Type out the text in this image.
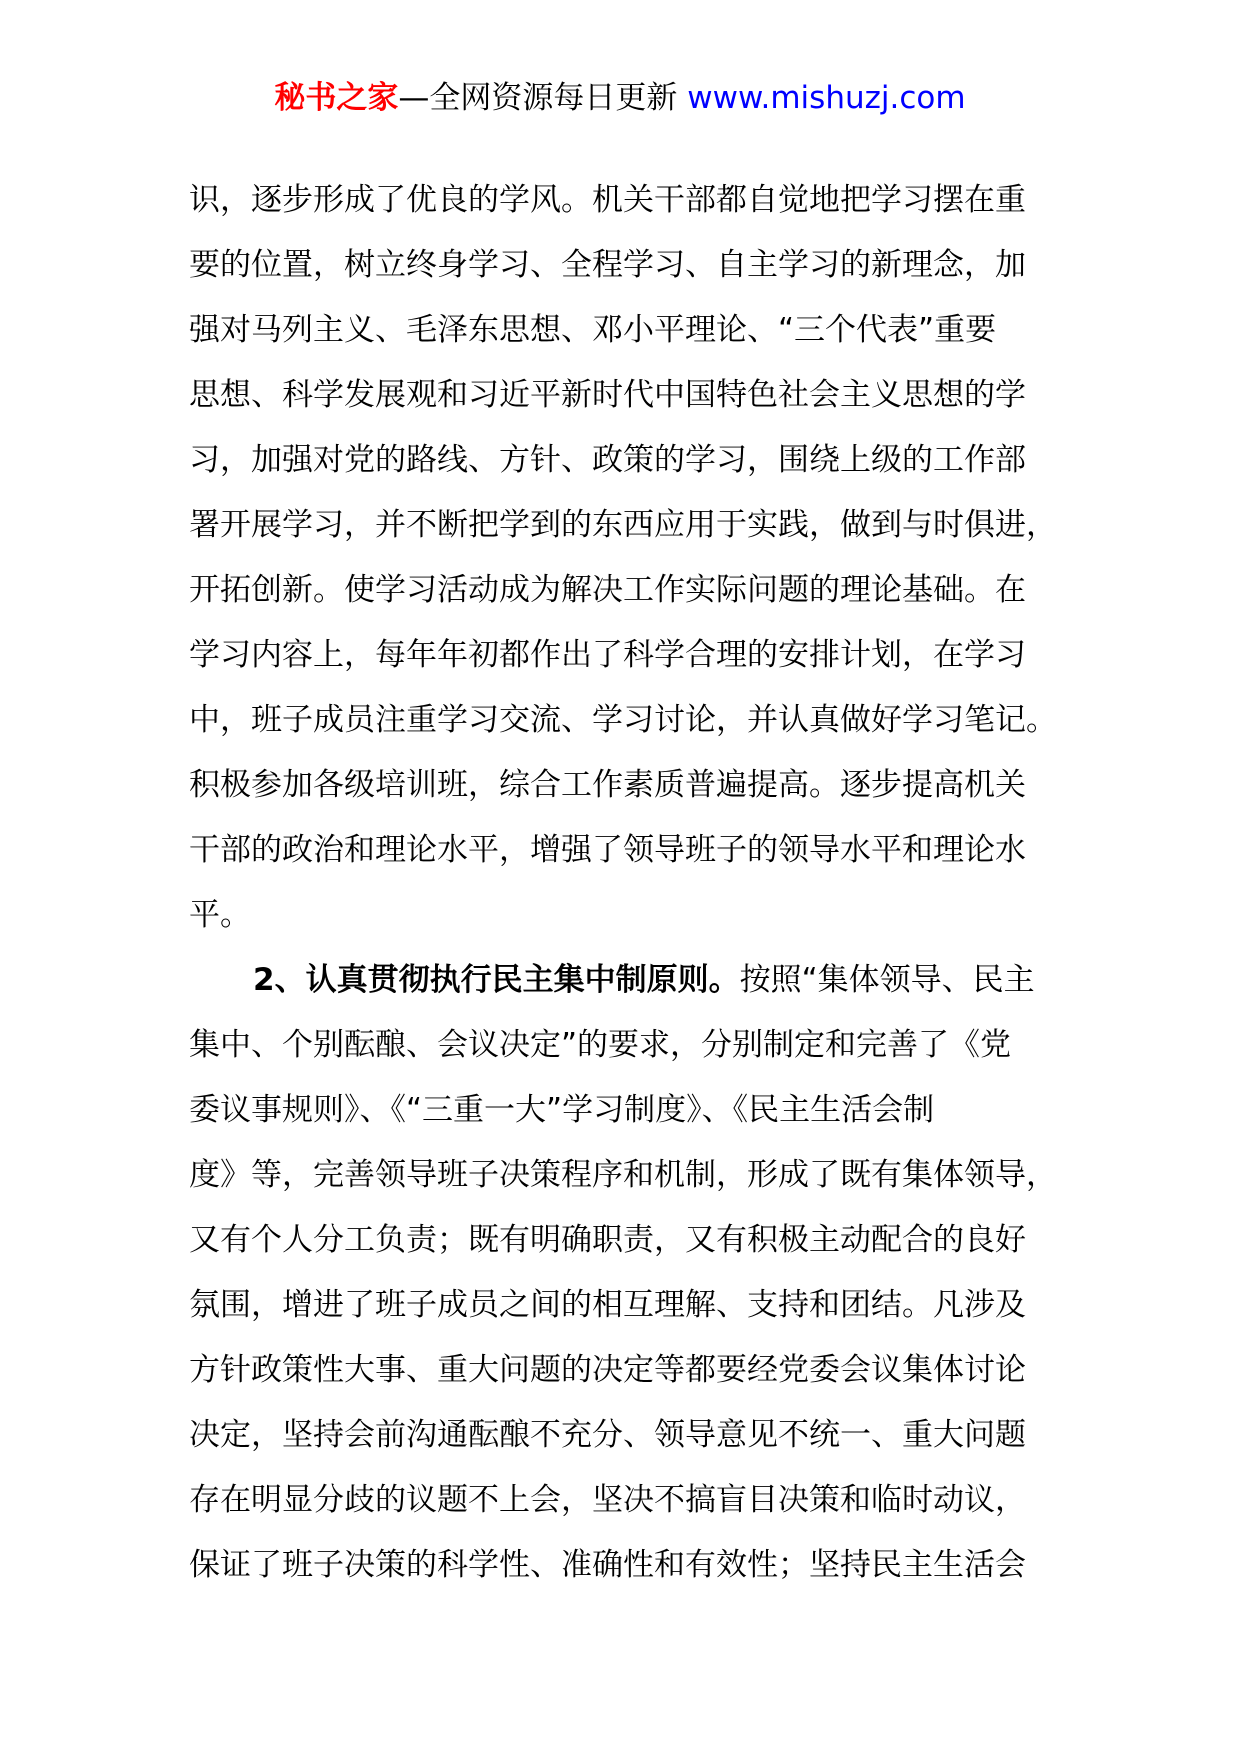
秘书之家—全网资源每日更新 www.mishuzj.com
识，逐步形成了优良的学风。机关干部都自觉地把学习摆在重
要的位置，树立终身学习、全程学习、自主学习的新理念，加
强对马列主义、毛泽东思想、邓小平理论、“三个代表”重要
思想、科学发展观和习近平新时代中国特色社会主义思想的学
习，加强对党的路线、方针、政策的学习，围绕上级的工作部
署开展学习，并不断把学到的东西应用于实践，做到与时俱进，
开拓创新。使学习活动成为解决工作实际问题的理论基础。在
学习内容上，每年年初都作出了科学合理的安排计划，在学习
中，班子成员注重学习交流、学习讨论，并认真做好学习笔记。
积极参加各级培训班，综合工作素质普遍提高。逐步提高机关
干部的政治和理论水平，增强了领导班子的领导水平和理论水
平。
2、认真贯彻执行民主集中制原则。按照“集体领导、民主
集中、个别酝酿、会议决定”的要求，分别制定和完善了《党
委议事规则》、《“三重一大”学习制度》、《民主生活会制
度》等，完善领导班子决策程序和机制，形成了既有集体领导，
又有个人分工负责；既有明确职责，又有积极主动配合的良好
氛围，增进了班子成员之间的相互理解、支持和团结。凡涉及
方针政策性大事、重大问题的决定等都要经党委会议集体讨论
决定，坚持会前沟通酝酿不充分、领导意见不统一、重大问题
存在明显分歧的议题不上会，坚决不搞盲目决策和临时动议，
保证了班子决策的科学性、准确性和有效性；坚持民主生活会
